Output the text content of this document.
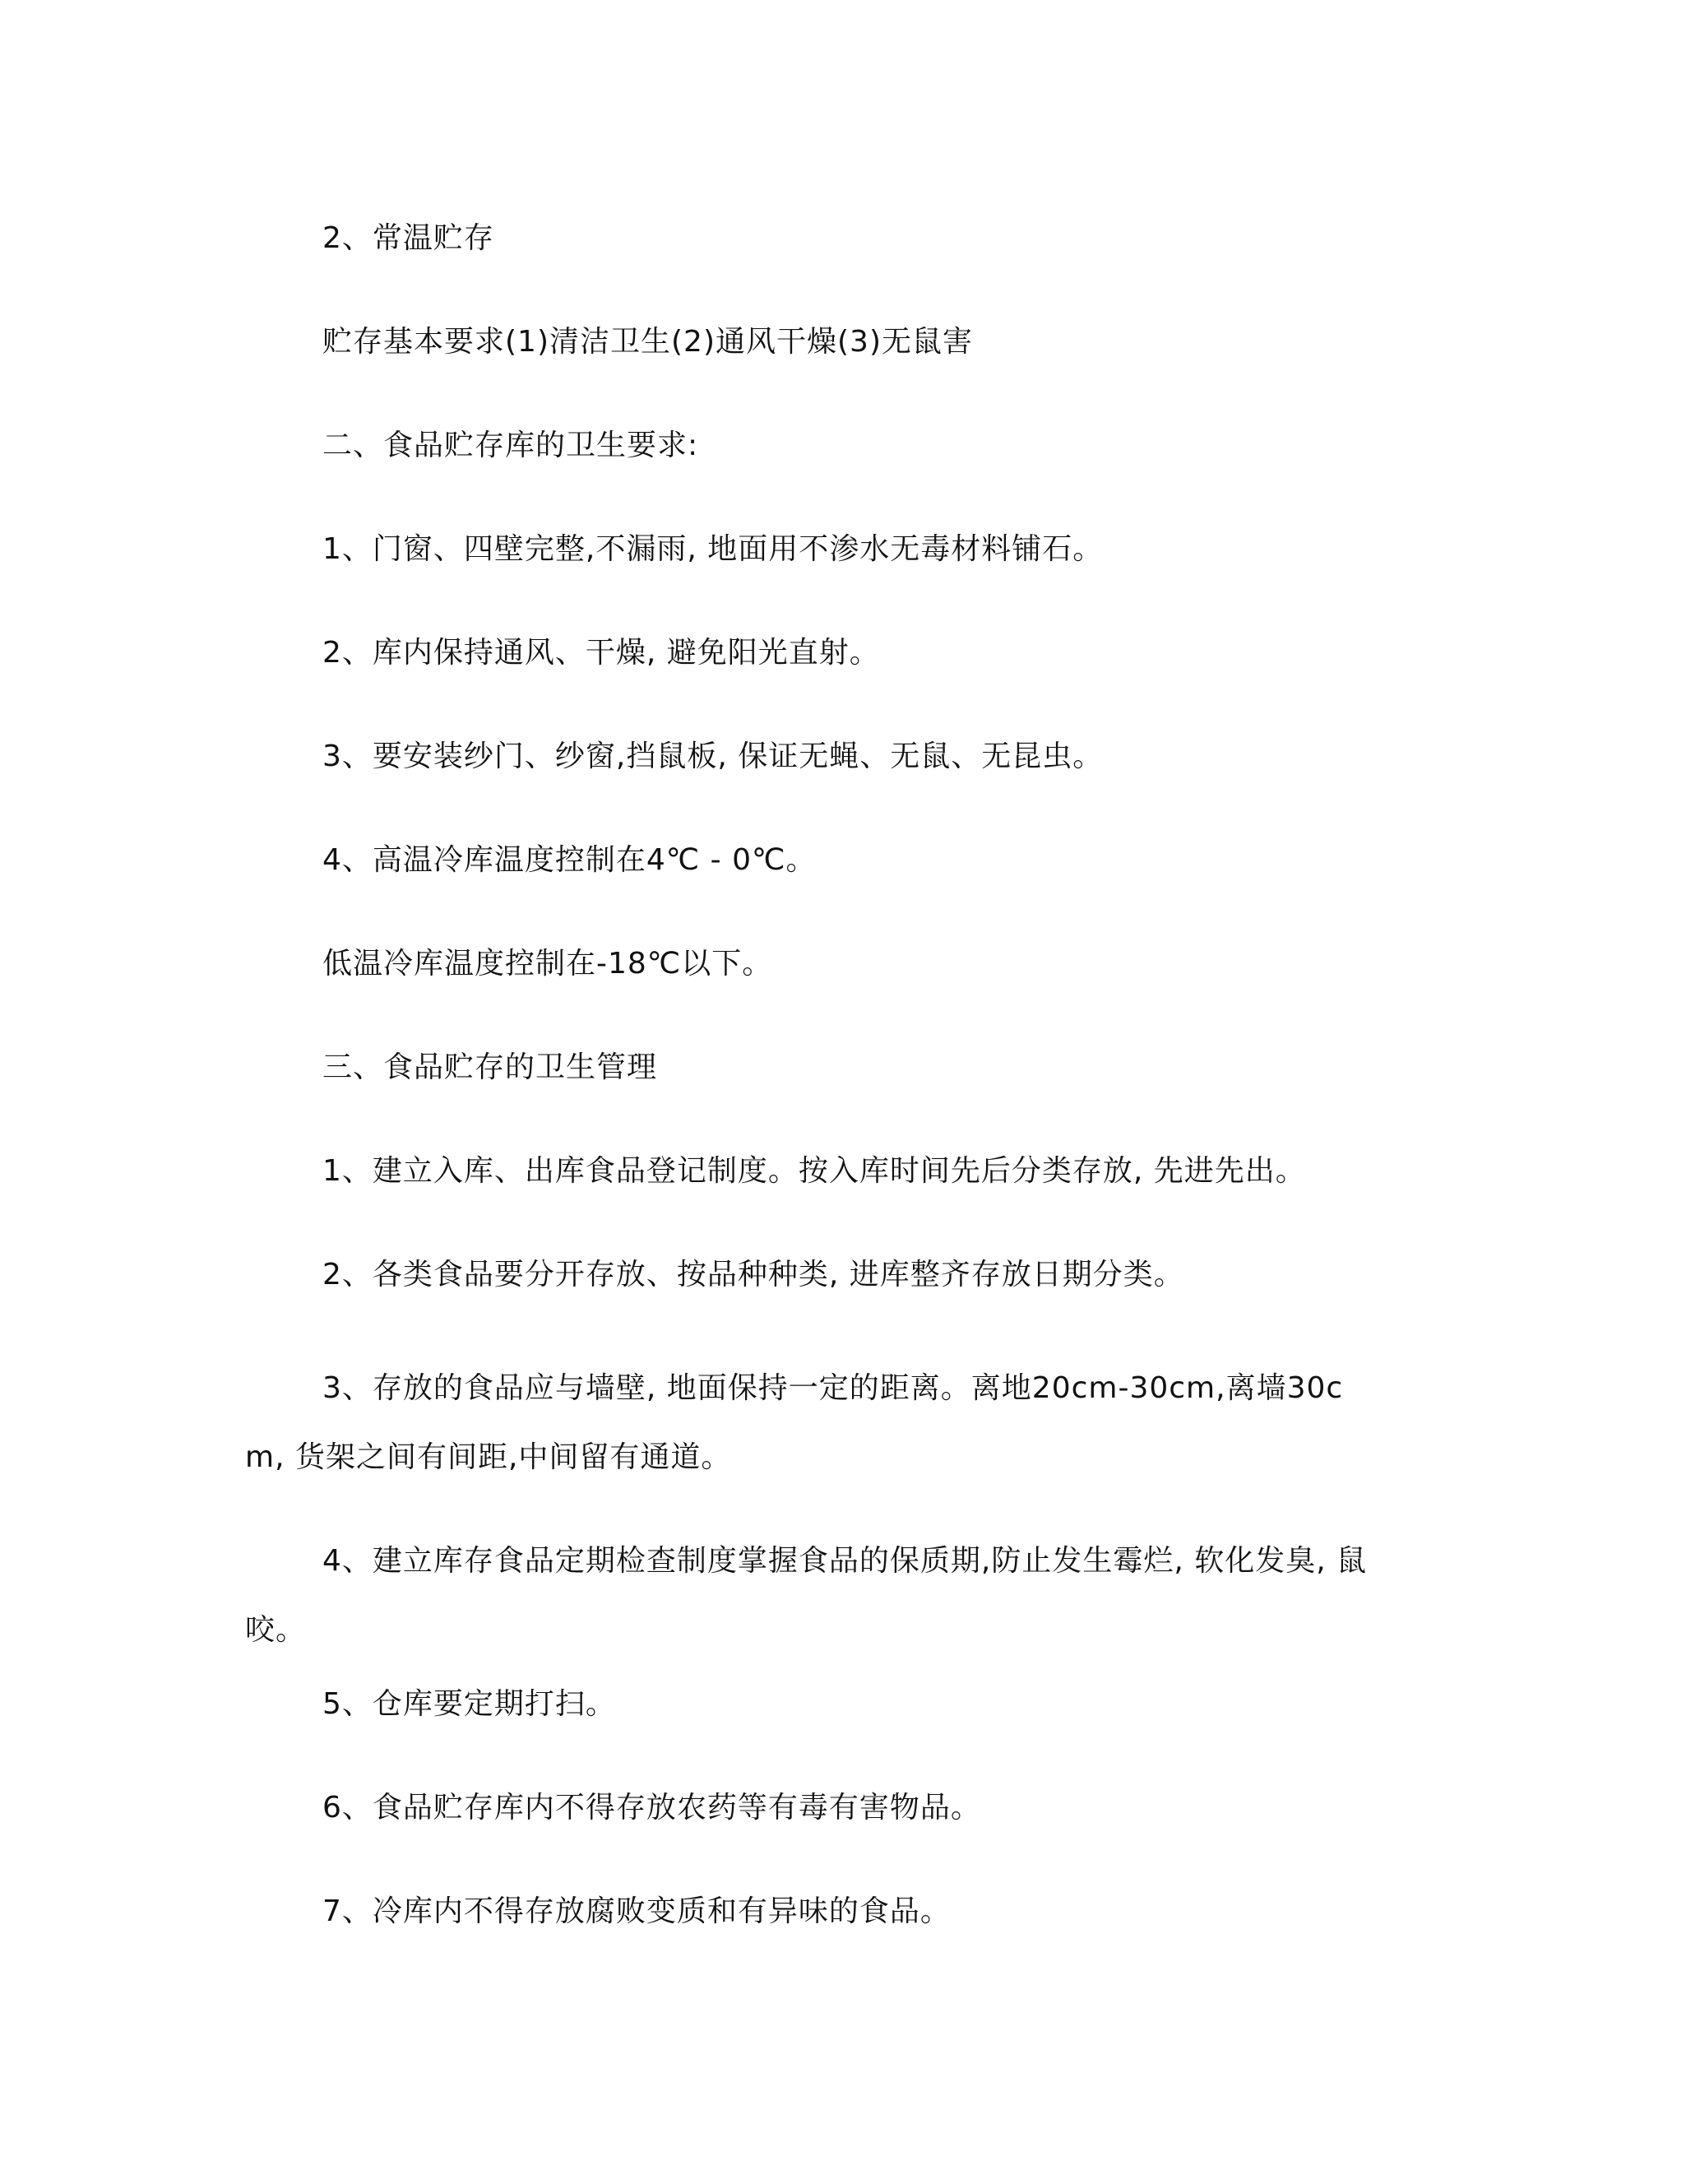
2、常温贮存
贮存基本要求(1)清洁卫生(2)通风干燥(3)无鼠害
二、食品贮存库的卫生要求:
1、门窗、四壁完整,不漏雨, 地面用不渗水无毒材料铺石。
2、库内保持通风、干燥, 避免阳光直射。
3、要安装纱门、纱窗,挡鼠板, 保证无蝇、无鼠、无昆虫。
4、高温冷库温度控制在4℃ - 0℃。
低温冷库温度控制在-18℃以下。
三、食品贮存的卫生管理
1、建立入库、出库食品登记制度。按入库时间先后分类存放, 先进先出。
2、各类食品要分开存放、按品种种类, 进库整齐存放日期分类。
3、存放的食品应与墙壁, 地面保持一定的距离。离地20cm-30cm,离墙30cm, 货架之间有间距,中间留有通道。
4、建立库存食品定期检查制度掌握食品的保质期,防止发生霉烂, 软化发臭, 鼠咬。
5、仓库要定期打扫。
6、食品贮存库内不得存放农药等有毒有害物品。
7、冷库内不得存放腐败变质和有异味的食品。
